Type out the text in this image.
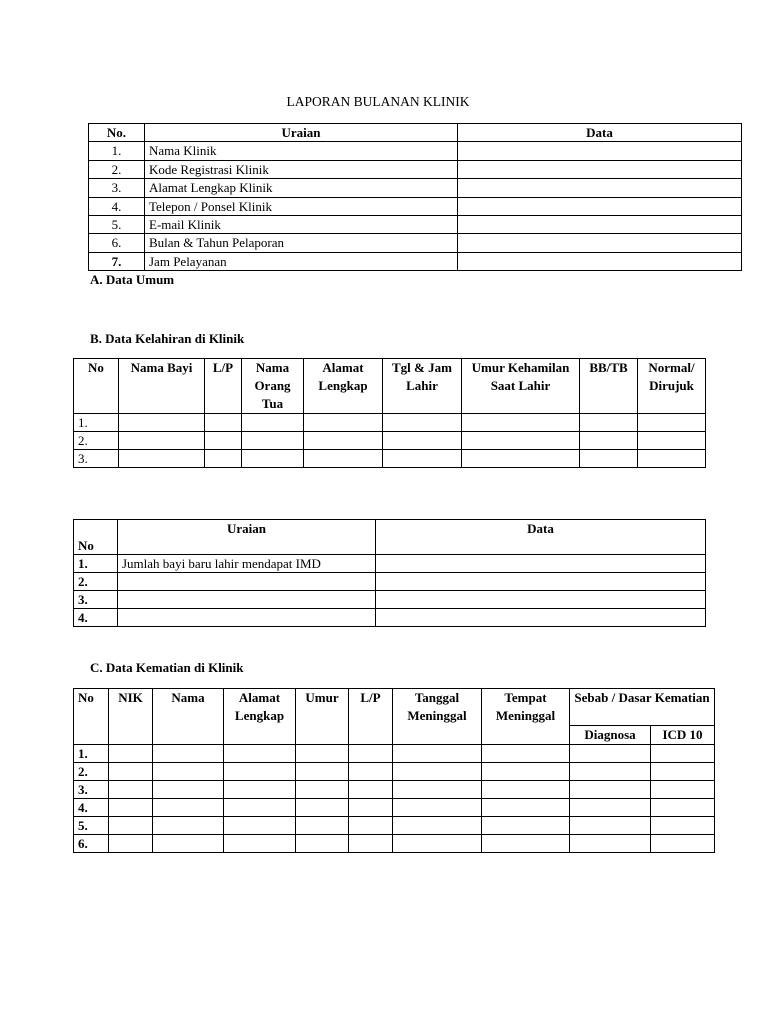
LAPORAN BULANAN KLINIK
No.	Uraian	Data
1.	Nama Klinik	
2.	Kode Registrasi Klinik	
3.	Alamat Lengkap Klinik	
4.	Telepon / Ponsel Klinik	
5.	E-mail Klinik	
6.	Bulan & Tahun Pelaporan	
7.	Jam Pelayanan	
A. Data Umum
B. Data Kelahiran di Klinik
No	Nama Bayi	L/P	Nama Orang Tua	Alamat Lengkap	Tgl & Jam Lahir	Umur Kehamilan Saat Lahir	BB/TB	Normal/ Dirujuk
1.								
2.								
3.								
No	Uraian	Data
1.	Jumlah bayi baru lahir mendapat IMD	
2.		
3.		
4.		
C. Data Kematian di Klinik
No	NIK	Nama	Alamat Lengkap	Umur	L/P	Tanggal Meninggal	Tempat Meninggal	Sebab / Dasar Kematian	
								Diagnosa	ICD 10
1.									
2.									
3.									
4.									
5.									
6.									
